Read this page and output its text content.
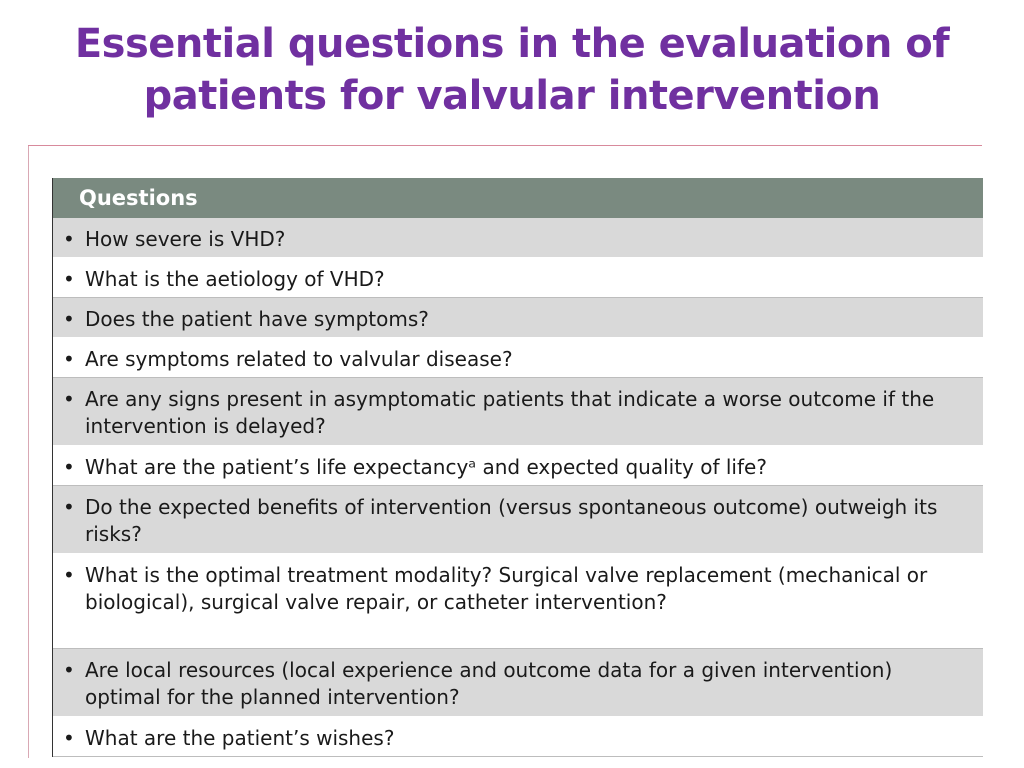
Essential questions in the evaluation of
patients for valvular intervention
Questions
• How severe is VHD?
• What is the aetiology of VHD?
• Does the patient have symptoms?
• Are symptoms related to valvular disease?
• Are any signs present in asymptomatic patients that indicate a worse outcome if the intervention is delayed?
• What are the patient’s life expectancyᵃ and expected quality of life?
• Do the expected benefits of intervention (versus spontaneous outcome) outweigh its risks?
• What is the optimal treatment modality? Surgical valve replacement (mechanical or biological), surgical valve repair, or catheter intervention?
• Are local resources (local experience and outcome data for a given intervention) optimal for the planned intervention?
• What are the patient’s wishes?
